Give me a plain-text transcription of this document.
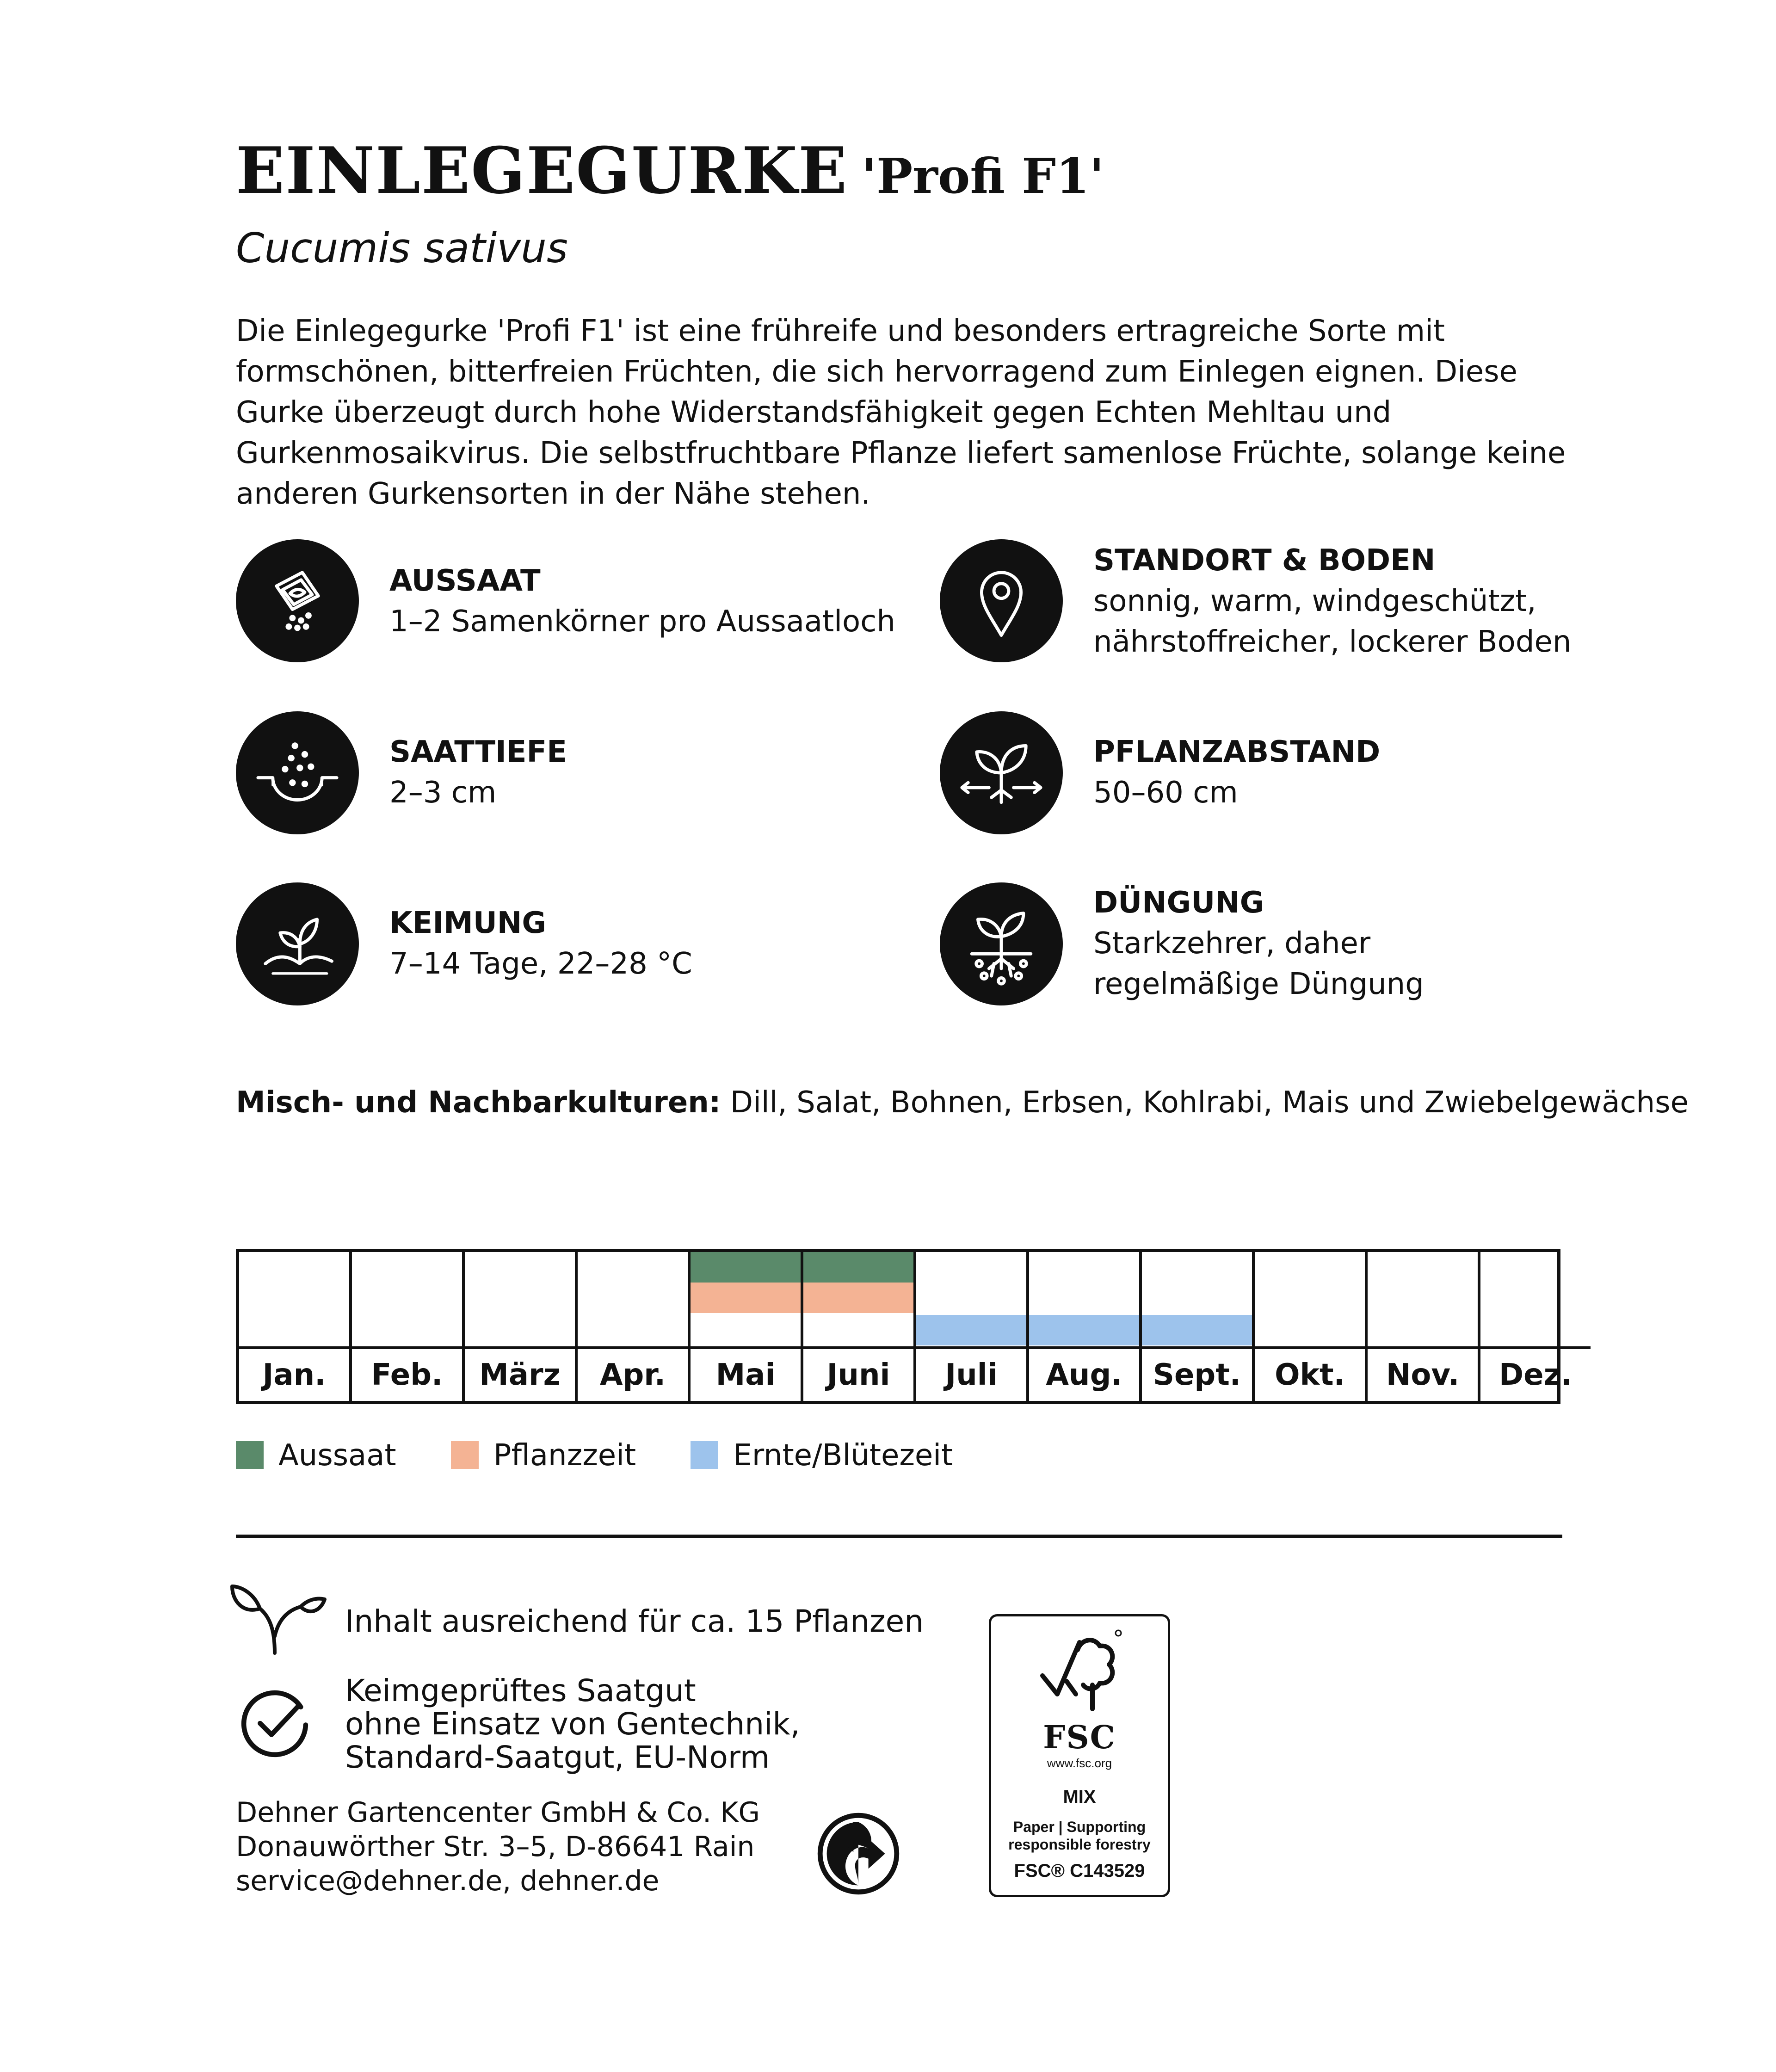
EINLEGEGURKE 'Profi F1'
Cucumis sativus
Die Einlegegurke 'Profi F1' ist eine frühreife und besonders ertragreiche Sorte mit formschönen, bitterfreien Früchten, die sich hervorragend zum Einlegen eignen. Diese Gurke überzeugt durch hohe Widerstandsfähigkeit gegen Echten Mehltau und Gurkenmosaikvirus. Die selbstfruchtbare Pflanze liefert samenlose Früchte, solange keine anderen Gurkensorten in der Nähe stehen.
AUSSAAT
1–2 Samenkörner pro Aussaatloch
STANDORT & BODEN
sonnig, warm, windgeschützt,
nährstoffreicher, lockerer Boden
SAATTIEFE
2–3 cm
PFLANZABSTAND
50–60 cm
KEIMUNG
7–14 Tage, 22–28 °C
DÜNGUNG
Starkzehrer, daher
regelmäßige Düngung
Misch- und Nachbarkulturen: Dill, Salat, Bohnen, Erbsen, Kohlrabi, Mais und Zwiebelgewächse
Jan.	Feb.	März	Apr.	Mai	Juni	Juli	Aug.	Sept.	Okt.	Nov.	Dez.
Aussaat	Pflanzzeit	Ernte/Blütezeit
Inhalt ausreichend für ca. 15 Pflanzen
Keimgeprüftes Saatgut
ohne Einsatz von Gentechnik,
Standard-Saatgut, EU-Norm
Dehner Gartencenter GmbH & Co. KG
Donauwörther Str. 3–5, D-86641 Rain
service@dehner.de, dehner.de
FSC
www.fsc.org
MIX
Paper | Supporting
responsible forestry
FSC® C143529
